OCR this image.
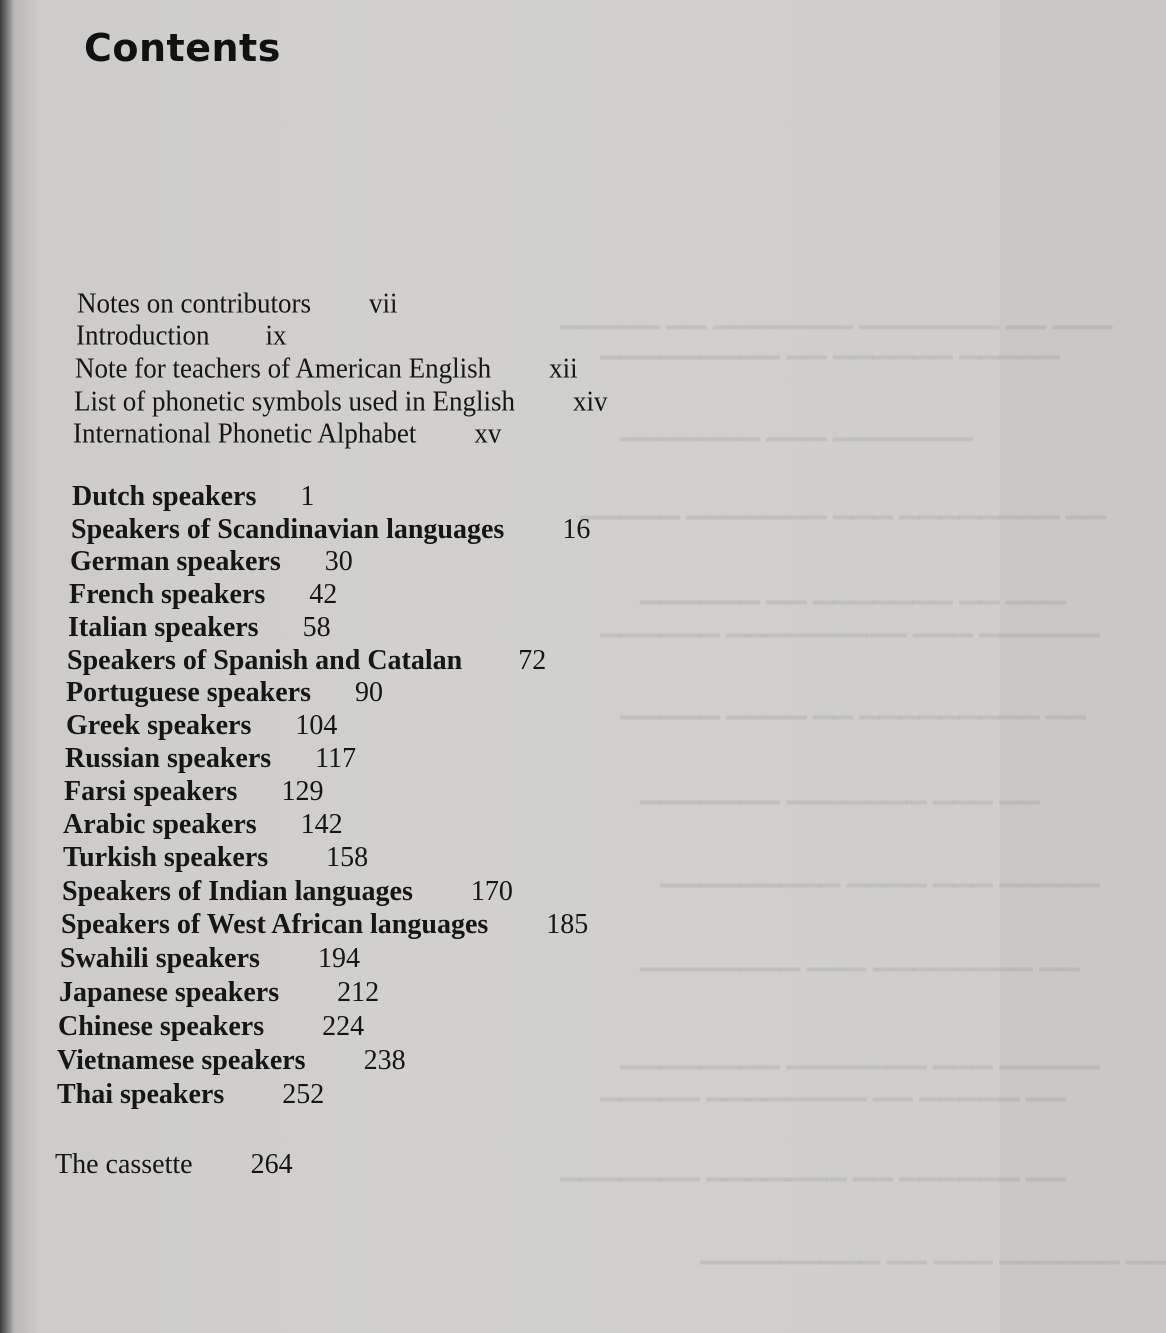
▁▁▁▁▁ ▁▁ ▁▁▁▁▁▁▁ ▁▁▁▁▁▁▁ ▁▁ ▁▁▁
▁▁▁▁▁▁▁▁▁ ▁▁ ▁▁▁▁▁▁ ▁▁▁▁▁
▁▁▁▁▁▁▁ ▁▁▁ ▁▁▁▁▁▁▁
▁▁▁▁▁ ▁▁▁▁▁▁▁ ▁▁▁ ▁▁▁▁▁▁▁▁ ▁▁
▁▁▁▁▁▁ ▁▁ ▁▁▁▁▁▁▁ ▁▁ ▁▁▁
▁▁▁▁▁▁ ▁▁▁▁▁▁▁▁▁ ▁▁▁ ▁▁▁▁▁▁
▁▁▁▁▁ ▁▁▁▁ ▁▁ ▁▁▁▁▁▁▁▁▁ ▁▁
▁▁▁▁▁▁▁ ▁▁▁▁▁▁▁ ▁▁▁ ▁▁
▁▁▁▁▁▁▁▁▁ ▁▁▁▁ ▁▁▁ ▁▁▁▁▁
▁▁▁▁▁▁▁▁ ▁▁▁ ▁▁▁▁▁▁▁▁ ▁▁
▁▁▁▁▁▁▁▁ ▁▁▁▁▁▁▁ ▁▁▁ ▁▁▁▁▁
▁▁▁▁▁ ▁▁▁▁▁▁▁▁ ▁▁ ▁▁▁▁▁ ▁▁
▁▁▁▁▁▁▁ ▁▁▁▁▁▁▁ ▁▁ ▁▁▁▁▁▁ ▁▁
▁▁▁▁▁▁▁▁▁ ▁▁ ▁▁▁ ▁▁▁▁▁▁ ▁▁
Contents
Notes on contributors vii
Introduction ix
Note for teachers of American English xii
List of phonetic symbols used in English xiv
International Phonetic Alphabet xv
Dutch speakers 1
Speakers of Scandinavian languages 16
German speakers 30
French speakers 42
Italian speakers 58
Speakers of Spanish and Catalan 72
Portuguese speakers 90
Greek speakers 104
Russian speakers 117
Farsi speakers 129
Arabic speakers 142
Turkish speakers 158
Speakers of Indian languages 170
Speakers of West African languages 185
Swahili speakers 194
Japanese speakers 212
Chinese speakers 224
Vietnamese speakers 238
Thai speakers 252
The cassette 264
